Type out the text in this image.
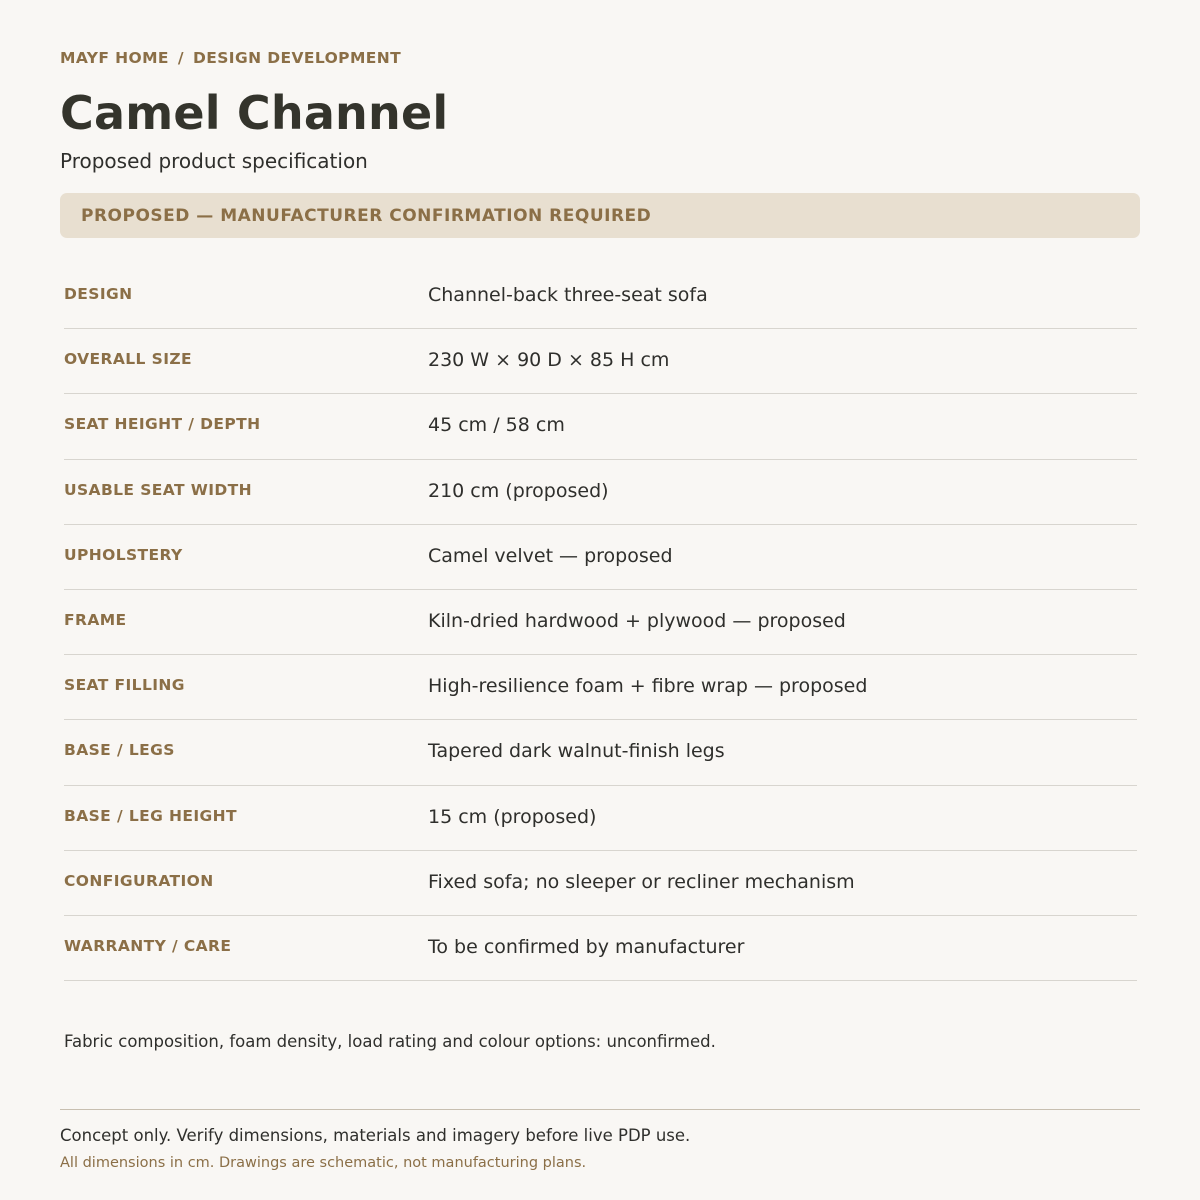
MAYF HOME / DESIGN DEVELOPMENT
Camel Channel
Proposed product specification
PROPOSED — MANUFACTURER CONFIRMATION REQUIRED
DESIGN	Channel-back three-seat sofa
OVERALL SIZE	230 W × 90 D × 85 H cm
SEAT HEIGHT / DEPTH	45 cm / 58 cm
USABLE SEAT WIDTH	210 cm (proposed)
UPHOLSTERY	Camel velvet — proposed
FRAME	Kiln-dried hardwood + plywood — proposed
SEAT FILLING	High-resilience foam + fibre wrap — proposed
BASE / LEGS	Tapered dark walnut-finish legs
BASE / LEG HEIGHT	15 cm (proposed)
CONFIGURATION	Fixed sofa; no sleeper or recliner mechanism
WARRANTY / CARE	To be confirmed by manufacturer
Fabric composition, foam density, load rating and colour options: unconfirmed.
Concept only. Verify dimensions, materials and imagery before live PDP use.
All dimensions in cm. Drawings are schematic, not manufacturing plans.
